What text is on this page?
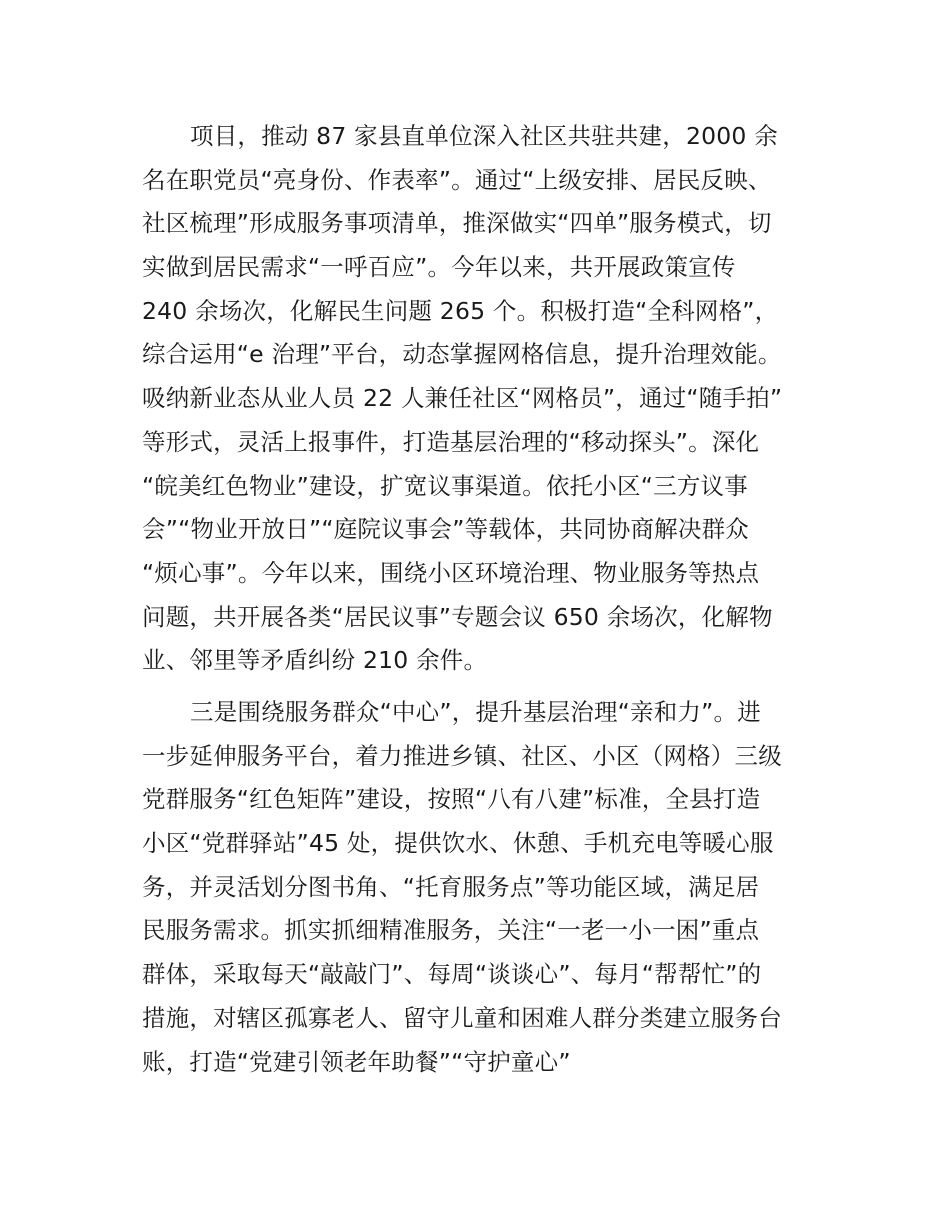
项目，推动 87 家县直单位深入社区共驻共建，2000 余
名在职党员“亮身份、作表率”。通过“上级安排、居民反映、
社区梳理”形成服务事项清单，推深做实“四单”服务模式，切
实做到居民需求“一呼百应”。今年以来，共开展政策宣传
240 余场次，化解民生问题 265 个。积极打造“全科网格”，
综合运用“e 治理”平台，动态掌握网格信息，提升治理效能。
吸纳新业态从业人员 22 人兼任社区“网格员”，通过“随手拍”
等形式，灵活上报事件，打造基层治理的“移动探头”。深化
“皖美红色物业”建设，扩宽议事渠道。依托小区“三方议事
会”“物业开放日”“庭院议事会”等载体，共同协商解决群众
“烦心事”。今年以来，围绕小区环境治理、物业服务等热点
问题，共开展各类“居民议事”专题会议 650 余场次，化解物
业、邻里等矛盾纠纷 210 余件。

三是围绕服务群众“中心”，提升基层治理“亲和力”。进
一步延伸服务平台，着力推进乡镇、社区、小区（网格）三级
党群服务“红色矩阵”建设，按照“八有八建”标准，全县打造
小区“党群驿站”45 处，提供饮水、休憩、手机充电等暖心服
务，并灵活划分图书角、“托育服务点”等功能区域，满足居
民服务需求。抓实抓细精准服务，关注“一老一小一困”重点
群体，采取每天“敲敲门”、每周“谈谈心”、每月“帮帮忙”的
措施，对辖区孤寡老人、留守儿童和困难人群分类建立服务台
账，打造“党建引领老年助餐”“守护童心”
